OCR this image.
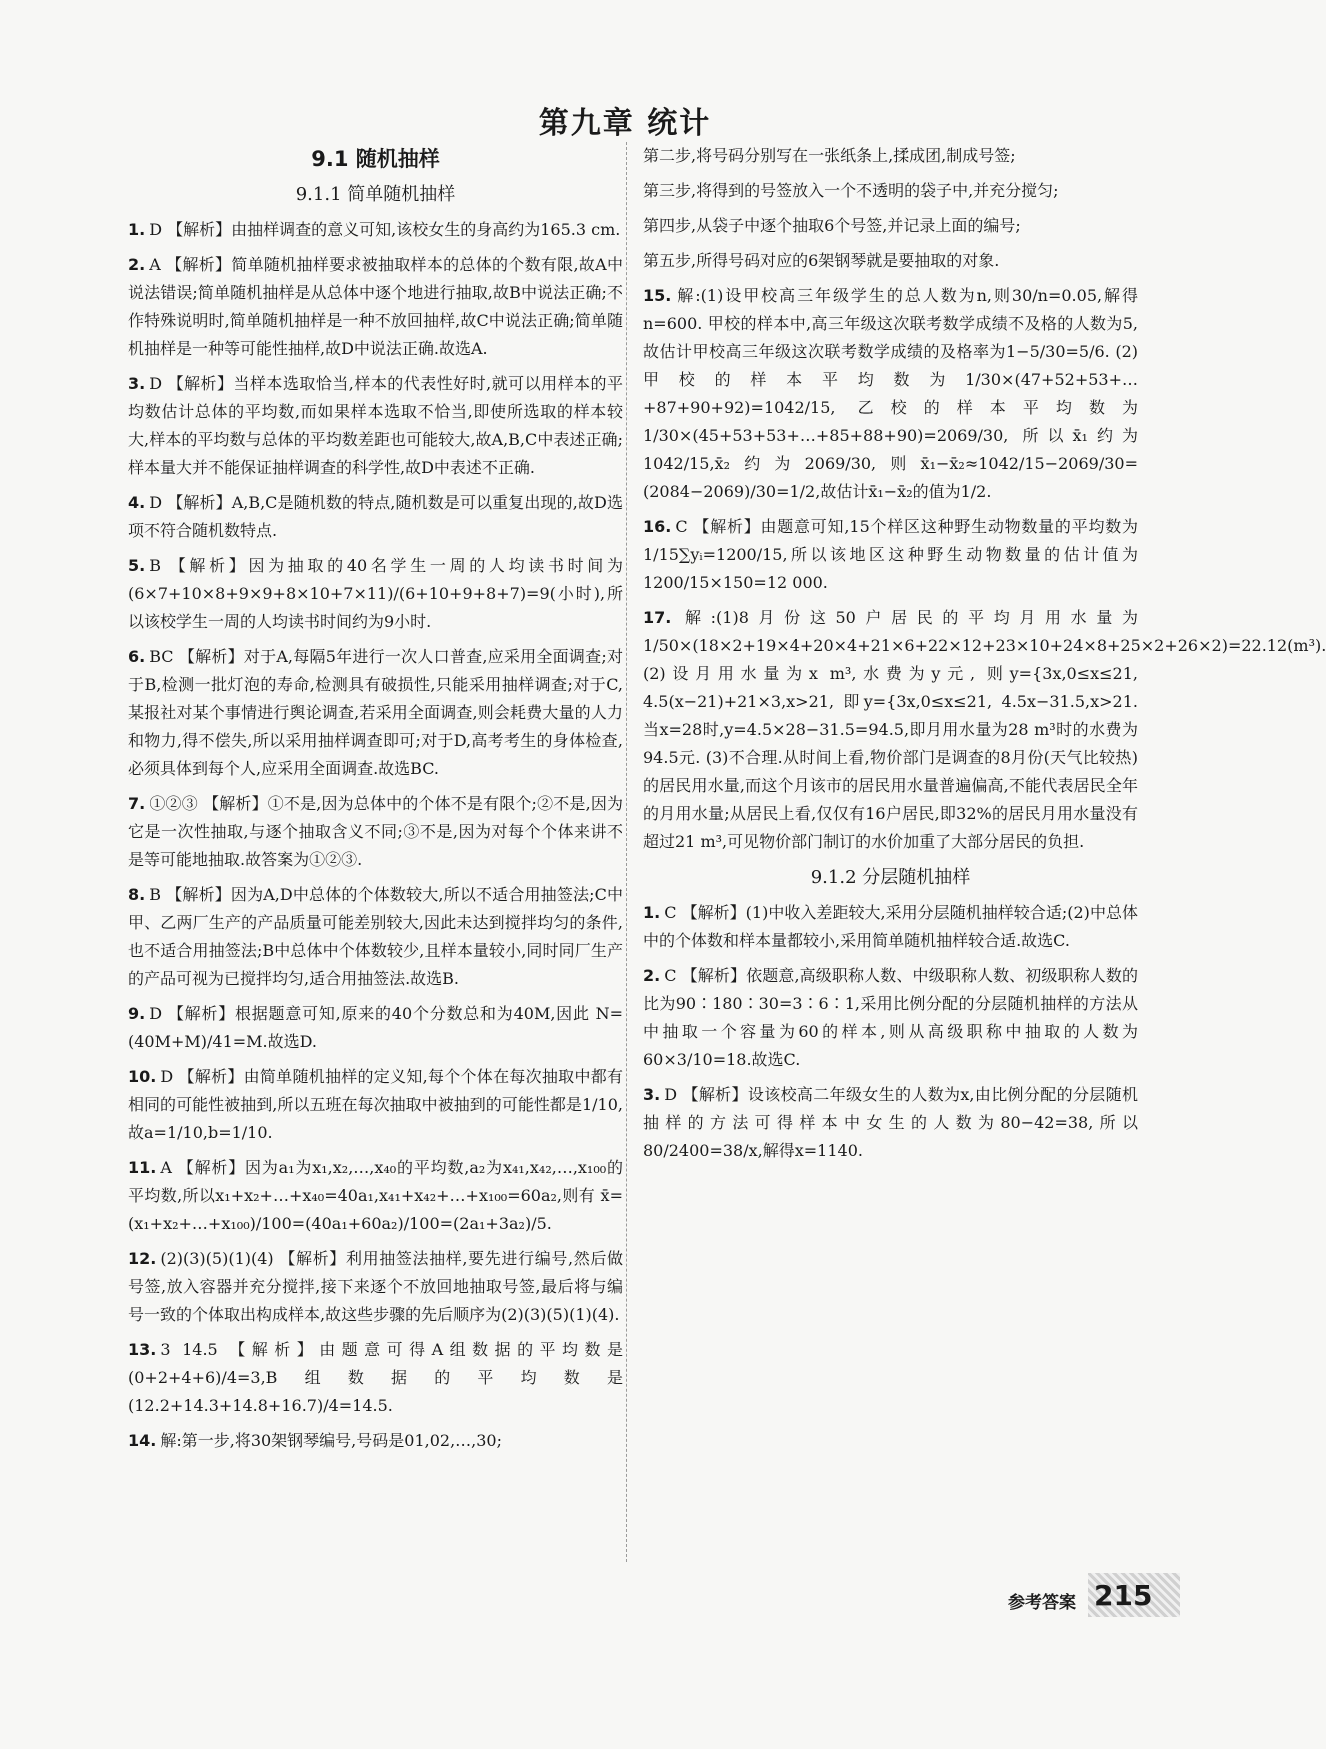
第九章 统计
9.1 随机抽样
9.1.1 简单随机抽样
1. D 【解析】由抽样调查的意义可知,该校女生的身高约为165.3 cm.
2. A 【解析】简单随机抽样要求被抽取样本的总体的个数有限,故A中说法错误;简单随机抽样是从总体中逐个地进行抽取,故B中说法正确;不作特殊说明时,简单随机抽样是一种不放回抽样,故C中说法正确;简单随机抽样是一种等可能性抽样,故D中说法正确.故选A.
3. D 【解析】当样本选取恰当,样本的代表性好时,就可以用样本的平均数估计总体的平均数,而如果样本选取不恰当,即使所选取的样本较大,样本的平均数与总体的平均数差距也可能较大,故A,B,C中表述正确;样本量大并不能保证抽样调查的科学性,故D中表述不正确.
4. D 【解析】A,B,C是随机数的特点,随机数是可以重复出现的,故D选项不符合随机数特点.
5. B 【解析】因为抽取的40名学生一周的人均读书时间为 (6×7+10×8+9×9+8×10+7×11)/(6+10+9+8+7)=9(小时),所以该校学生一周的人均读书时间约为9小时.
6. BC 【解析】对于A,每隔5年进行一次人口普查,应采用全面调查;对于B,检测一批灯泡的寿命,检测具有破损性,只能采用抽样调查;对于C,某报社对某个事情进行舆论调查,若采用全面调查,则会耗费大量的人力和物力,得不偿失,所以采用抽样调查即可;对于D,高考考生的身体检查,必须具体到每个人,应采用全面调查.故选BC.
7. ①②③ 【解析】①不是,因为总体中的个体不是有限个;②不是,因为它是一次性抽取,与逐个抽取含义不同;③不是,因为对每个个体来讲不是等可能地抽取.故答案为①②③.
8. B 【解析】因为A,D中总体的个体数较大,所以不适合用抽签法;C中甲、乙两厂生产的产品质量可能差别较大,因此未达到搅拌均匀的条件,也不适合用抽签法;B中总体中个体数较少,且样本量较小,同时同厂生产的产品可视为已搅拌均匀,适合用抽签法.故选B.
9. D 【解析】根据题意可知,原来的40个分数总和为40M,因此 N=(40M+M)/41=M.故选D.
10. D 【解析】由简单随机抽样的定义知,每个个体在每次抽取中都有相同的可能性被抽到,所以五班在每次抽取中被抽到的可能性都是1/10,故a=1/10,b=1/10.
11. A 【解析】因为a₁为x₁,x₂,…,x₄₀的平均数,a₂为x₄₁,x₄₂,…,x₁₀₀的平均数,所以x₁+x₂+…+x₄₀=40a₁,x₄₁+x₄₂+…+x₁₀₀=60a₂,则有 x̄=(x₁+x₂+…+x₁₀₀)/100=(40a₁+60a₂)/100=(2a₁+3a₂)/5.
12. (2)(3)(5)(1)(4) 【解析】利用抽签法抽样,要先进行编号,然后做号签,放入容器并充分搅拌,接下来逐个不放回地抽取号签,最后将与编号一致的个体取出构成样本,故这些步骤的先后顺序为(2)(3)(5)(1)(4).
13. 3 14.5 【解析】由题意可得A组数据的平均数是 (0+2+4+6)/4=3,B组数据的平均数是 (12.2+14.3+14.8+16.7)/4=14.5.
14. 解:第一步,将30架钢琴编号,号码是01,02,…,30;
第二步,将号码分别写在一张纸条上,揉成团,制成号签;
第三步,将得到的号签放入一个不透明的袋子中,并充分搅匀;
第四步,从袋子中逐个抽取6个号签,并记录上面的编号;
第五步,所得号码对应的6架钢琴就是要抽取的对象.
15. 解:(1)设甲校高三年级学生的总人数为n,则30/n=0.05,解得n=600. 甲校的样本中,高三年级这次联考数学成绩不及格的人数为5,故估计甲校高三年级这次联考数学成绩的及格率为1−5/30=5/6. (2)甲校的样本平均数为1/30×(47+52+53+…+87+90+92)=1042/15, 乙校的样本平均数为1/30×(45+53+53+…+85+88+90)=2069/30, 所以x̄₁约为1042/15,x̄₂约为2069/30,则x̄₁−x̄₂≈1042/15−2069/30=(2084−2069)/30=1/2,故估计x̄₁−x̄₂的值为1/2.
16. C 【解析】由题意可知,15个样区这种野生动物数量的平均数为1/15∑yᵢ=1200/15,所以该地区这种野生动物数量的估计值为1200/15×150=12 000.
17. 解:(1)8月份这50户居民的平均月用水量为1/50×(18×2+19×4+20×4+21×6+22×12+23×10+24×8+25×2+26×2)=22.12(m³). (2)设月用水量为x m³,水费为y元, 则y={3x,0≤x≤21, 4.5(x−21)+21×3,x>21, 即y={3x,0≤x≤21, 4.5x−31.5,x>21. 当x=28时,y=4.5×28−31.5=94.5,即月用水量为28 m³时的水费为94.5元. (3)不合理.从时间上看,物价部门是调查的8月份(天气比较热)的居民用水量,而这个月该市的居民用水量普遍偏高,不能代表居民全年的月用水量;从居民上看,仅仅有16户居民,即32%的居民月用水量没有超过21 m³,可见物价部门制订的水价加重了大部分居民的负担.
9.1.2 分层随机抽样
1. C 【解析】(1)中收入差距较大,采用分层随机抽样较合适;(2)中总体中的个体数和样本量都较小,采用简单随机抽样较合适.故选C.
2. C 【解析】依题意,高级职称人数、中级职称人数、初级职称人数的比为90∶180∶30=3∶6∶1,采用比例分配的分层随机抽样的方法从中抽取一个容量为60的样本,则从高级职称中抽取的人数为60×3/10=18.故选C.
3. D 【解析】设该校高二年级女生的人数为x,由比例分配的分层随机抽样的方法可得样本中女生的人数为80−42=38,所以80/2400=38/x,解得x=1140.
参考答案 215
